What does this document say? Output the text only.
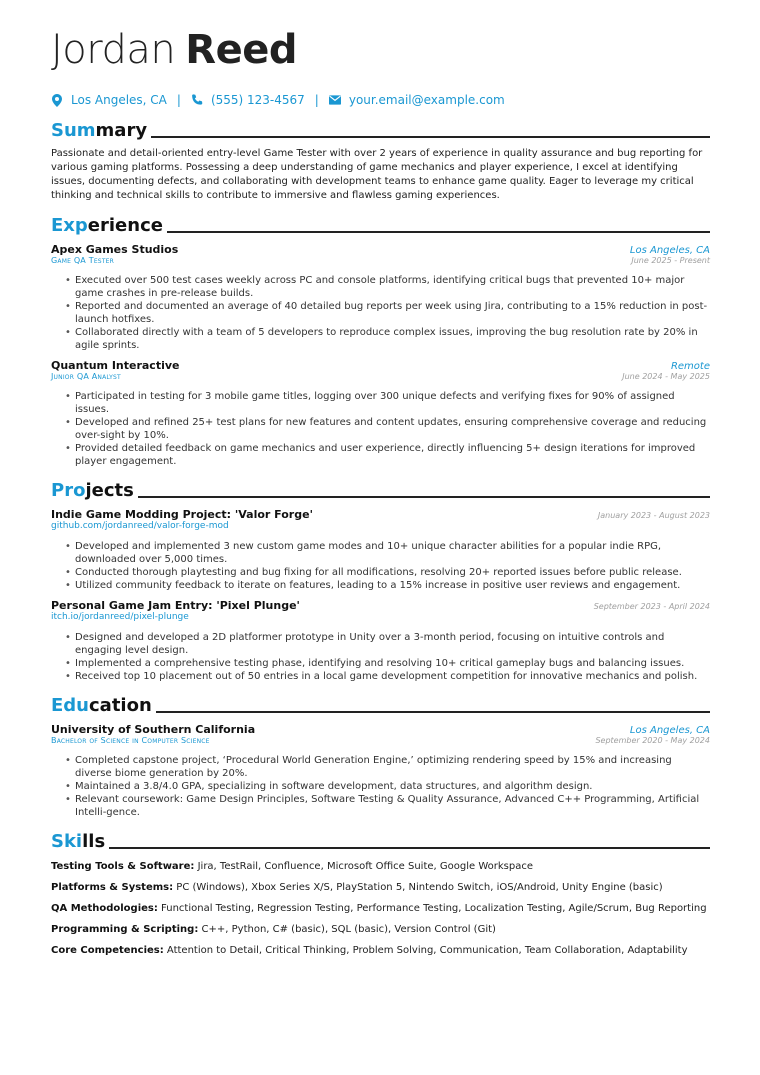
Jordan Reed
Los Angeles, CA |	(555) 123-4567 |	your.email@example.com
Summary
Passionate and detail-oriented entry-level Game Tester with over 2 years of experience in quality assurance and bug reporting for various gaming platforms. Possessing a deep understanding of game mechanics and player experience, I excel at identifying issues, documenting defects, and collaborating with development teams to enhance game quality. Eager to leverage my critical thinking and technical skills to contribute to immersive and flawless gaming experiences.
Experience
Apex Games Studios	Los Angeles, CA
Game QA Tester	June 2025 - Present
• Executed over 500 test cases weekly across PC and console platforms, identifying critical bugs that prevented 10+ major game crashes in pre-release builds.
• Reported and documented an average of 40 detailed bug reports per week using Jira, contributing to a 15% reduction in post-launch hotfixes.
• Collaborated directly with a team of 5 developers to reproduce complex issues, improving the bug resolution rate by 20% in agile sprints.
Quantum Interactive	Remote
Junior QA Analyst	June 2024 - May 2025
• Participated in testing for 3 mobile game titles, logging over 300 unique defects and verifying fixes for 90% of assigned issues.
• Developed and refined 25+ test plans for new features and content updates, ensuring comprehensive coverage and reducing over-sight by 10%.
• Provided detailed feedback on game mechanics and user experience, directly influencing 5+ design iterations for improved player engagement.
Projects
Indie Game Modding Project: 'Valor Forge'	January 2023 - August 2023
github.com/jordanreed/valor-forge-mod
• Developed and implemented 3 new custom game modes and 10+ unique character abilities for a popular indie RPG, downloaded over 5,000 times.
• Conducted thorough playtesting and bug fixing for all modifications, resolving 20+ reported issues before public release.
• Utilized community feedback to iterate on features, leading to a 15% increase in positive user reviews and engagement.
Personal Game Jam Entry: 'Pixel Plunge'	September 2023 - April 2024
itch.io/jordanreed/pixel-plunge
• Designed and developed a 2D platformer prototype in Unity over a 3-month period, focusing on intuitive controls and engaging level design.
• Implemented a comprehensive testing phase, identifying and resolving 10+ critical gameplay bugs and balancing issues.
• Received top 10 placement out of 50 entries in a local game development competition for innovative mechanics and polish.
Education
University of Southern California	Los Angeles, CA
Bachelor of Science in Computer Science	September 2020 - May 2024
• Completed capstone project, ‘Procedural World Generation Engine,’ optimizing rendering speed by 15% and increasing diverse biome generation by 20%.
• Maintained a 3.8/4.0 GPA, specializing in software development, data structures, and algorithm design.
• Relevant coursework: Game Design Principles, Software Testing & Quality Assurance, Advanced C++ Programming, Artificial Intelli-gence.
Skills
Testing Tools & Software: Jira, TestRail, Confluence, Microsoft Office Suite, Google Workspace
Platforms & Systems: PC (Windows), Xbox Series X/S, PlayStation 5, Nintendo Switch, iOS/Android, Unity Engine (basic)
QA Methodologies: Functional Testing, Regression Testing, Performance Testing, Localization Testing, Agile/Scrum, Bug Reporting
Programming & Scripting: C++, Python, C# (basic), SQL (basic), Version Control (Git)
Core Competencies: Attention to Detail, Critical Thinking, Problem Solving, Communication, Team Collaboration, Adaptability
